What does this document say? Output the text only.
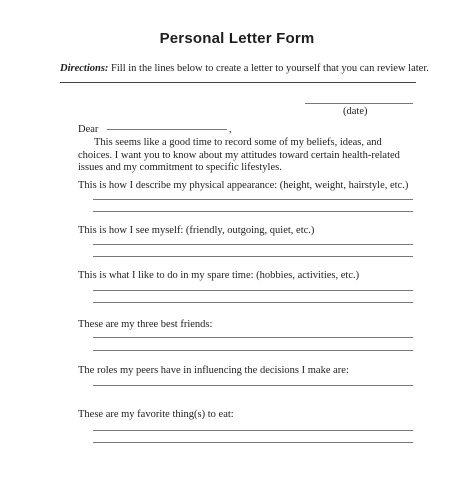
Personal Letter Form
Directions: Fill in the lines below to create a letter to yourself that you can review later.
(date)
Dear	,
This seems like a good time to record some of my beliefs, ideas, and choices. I want you to know about my attitudes toward certain health-related issues and my commitment to specific lifestyles.
This is how I describe my physical appearance: (height, weight, hairstyle, etc.)
This is how I see myself: (friendly, outgoing, quiet, etc.)
This is what I like to do in my spare time: (hobbies, activities, etc.)
These are my three best friends:
The roles my peers have in influencing the decisions I make are:
These are my favorite thing(s) to eat:
